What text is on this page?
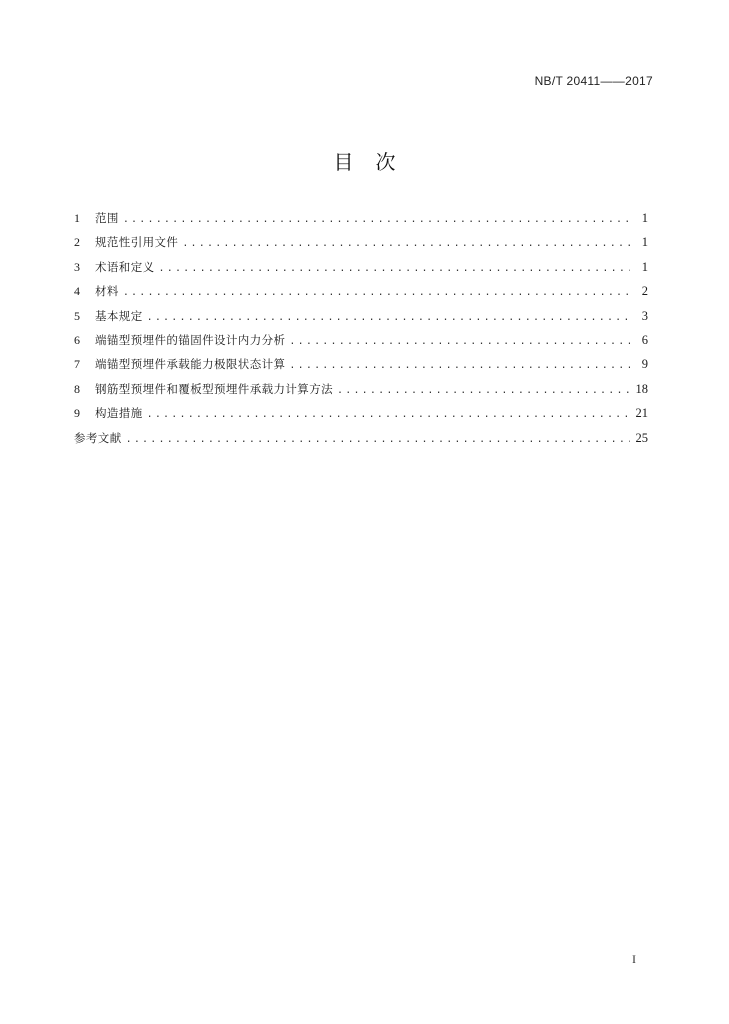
NB/T 20411——2017
目次
1	范围 .....	1
2	规范性引用文件 .....	1
3	术语和定义 .....	1
4	材料 .....	2
5	基本规定 .....	3
6	端锚型预埋件的锚固件设计内力分析 .....	6
7	端锚型预埋件承载能力极限状态计算 .....	9
8	钢筋型预埋件和覆板型预埋件承载力计算方法 .....	18
9	构造措施 .....	21
参考文献 .....	25
I
